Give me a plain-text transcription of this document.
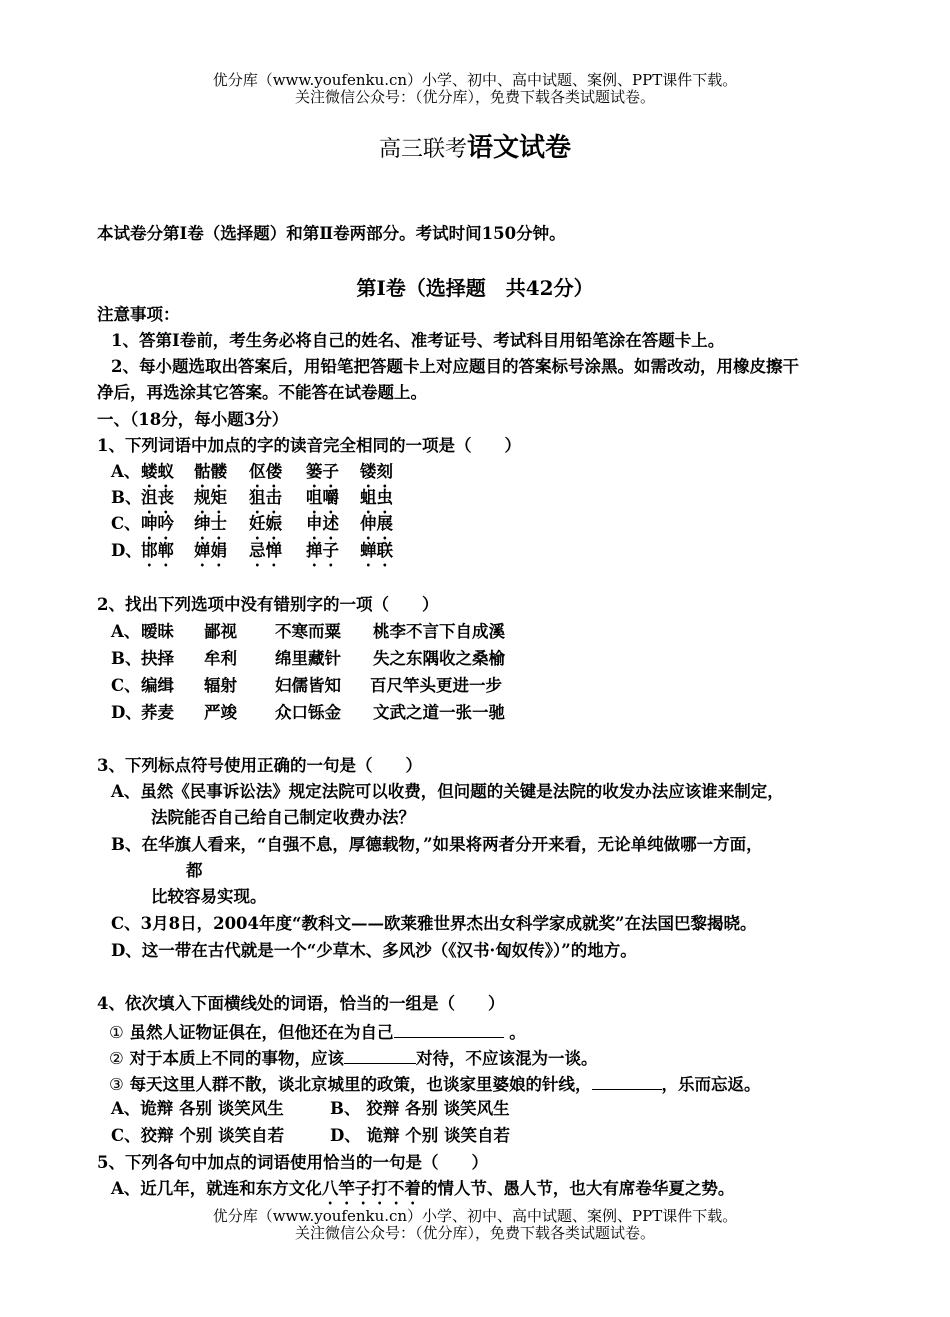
优分库（www.youfenku.cn）小学、初中、高中试题、案例、PPT课件下载。
关注微信公众号：（优分库），免费下载各类试题试卷。
高三联考语文试卷
本试卷分第Ⅰ卷（选择题）和第Ⅱ卷两部分。考试时间150分钟。
第Ⅰ卷（选择题　共42分）
注意事项：
1、答第Ⅰ卷前，考生务必将自己的姓名、准考证号、考试科目用铅笔涂在答题卡上。
2、每小题选取出答案后，用铅笔把答题卡上对应题目的答案标号涂黑。如需改动，用橡皮擦干
净后，再选涂其它答案。不能答在试卷题上。
一、（18分，每小题3分）
1、下列词语中加点的字的读音完全相同的一项是（　　）
A、 蝼蚁 骷髅 伛偻 篓子 镂刻
B、 沮丧 规矩 狙击 咀嚼 蛆虫
C、 呻吟 绅士 妊娠 申述 伸展
D、 邯郸 婵娟 忌惮 掸子 蝉联
2、找出下列选项中没有错别字的一项（　　）
A、 暧昧 鄙视 不寒而粟 桃李不言下自成溪
B、 抉择 牟利 绵里藏针 失之东隅收之桑榆
C、 编缉 辐射 妇儒皆知 百尺竿头更进一步
D、 荞麦 严竣 众口铄金 文武之道一张一驰
3、下列标点符号使用正确的一句是（　　）
A、虽然《民事诉讼法》规定法院可以收费，但问题的关键是法院的收发办法应该谁来制定，
法院能否自己给自己制定收费办法？
B、在华旗人看来，“自强不息，厚德载物，”如果将两者分开来看，无论单纯做哪一方面，
都
比较容易实现。
C、3月8日，2004年度“教科文——欧莱雅世界杰出女科学家成就奖”在法国巴黎揭晓。
D、这一带在古代就是一个“少草木、多风沙（《汉书·匈奴传》）”的地方。
4、依次填入下面横线处的词语，恰当的一组是（　　）
① 虽然人证物证俱在，但他还在为自己	。
② 对于本质上不同的事物，应该	对待，不应该混为一谈。
③ 每天这里人群不散，谈北京城里的政策，也谈家里婆娘的针线，	，乐而忘返。
A、诡辩 各别 谈笑风生	B、 狡辩 各别 谈笑风生
C、狡辩 个别 谈笑自若	D、 诡辩 个别 谈笑自若
5、下列各句中加点的词语使用恰当的一句是（　　）
A、近几年，就连和东方文化八竿子打不着的情人节、愚人节，也大有席卷华夏之势。
优分库（www.youfenku.cn）小学、初中、高中试题、案例、PPT课件下载。
关注微信公众号：（优分库），免费下载各类试题试卷。
